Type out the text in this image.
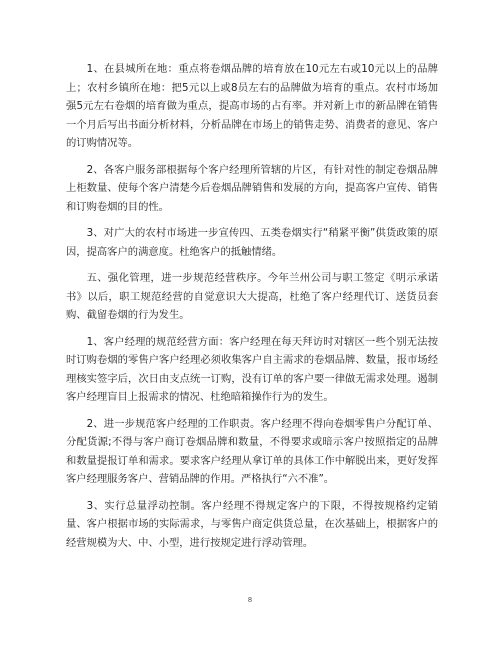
1、在县城所在地：重点将卷烟品牌的培育放在10元左右或10元以上的品牌上；农村乡镇所在地：把5元以上或8员左右的品牌做为培育的重点。农村市场加强5元左右卷烟的培育做为重点，提高市场的占有率。并对新上市的新品牌在销售一个月后写出书面分析材料，分析品牌在市场上的销售走势、消费者的意见、客户的订购情况等。

2、各客户服务部根据每个客户经理所管辖的片区，有针对性的制定卷烟品牌上柜数量、使每个客户清楚今后卷烟品牌销售和发展的方向，提高客户宣传、销售和订购卷烟的目的性。

3、对广大的农村市场进一步宣传四、五类卷烟实行“稍紧平衡”供货政策的原因，提高客户的满意度。杜绝客户的抵触情绪。

五、强化管理，进一步规范经营秩序。今年兰州公司与职工签定《明示承诺书》以后，职工规范经营的自觉意识大大提高，杜绝了客户经理代订、送货员套购、截留卷烟的行为发生。

1、客户经理的规范经营方面：客户经理在每天拜访时对辖区一些个别无法按时订购卷烟的零售户客户经理必须收集客户自主需求的卷烟品牌、数量，报市场经理核实签字后，次日由支点统一订购，没有订单的客户要一律做无需求处理。遏制客户经理盲目上报需求的情况、杜绝暗箱操作行为的发生。

2、进一步规范客户经理的工作职责。客户经理不得向卷烟零售户分配订单、分配货源;不得与客户商订卷烟品牌和数量，不得要求或暗示客户按照指定的品牌和数量提报订单和需求。要求客户经理从拿订单的具体工作中解脱出来，更好发挥客户经理服务客户、营销品牌的作用。严格执行“六不准”。

3、实行总量浮动控制。客户经理不得规定客户的下限，不得按规格约定销量、客户根据市场的实际需求，与零售户商定供货总量，在次基础上，根据客户的经营规模为大、中、小型，进行按规定进行浮动管理。

8
